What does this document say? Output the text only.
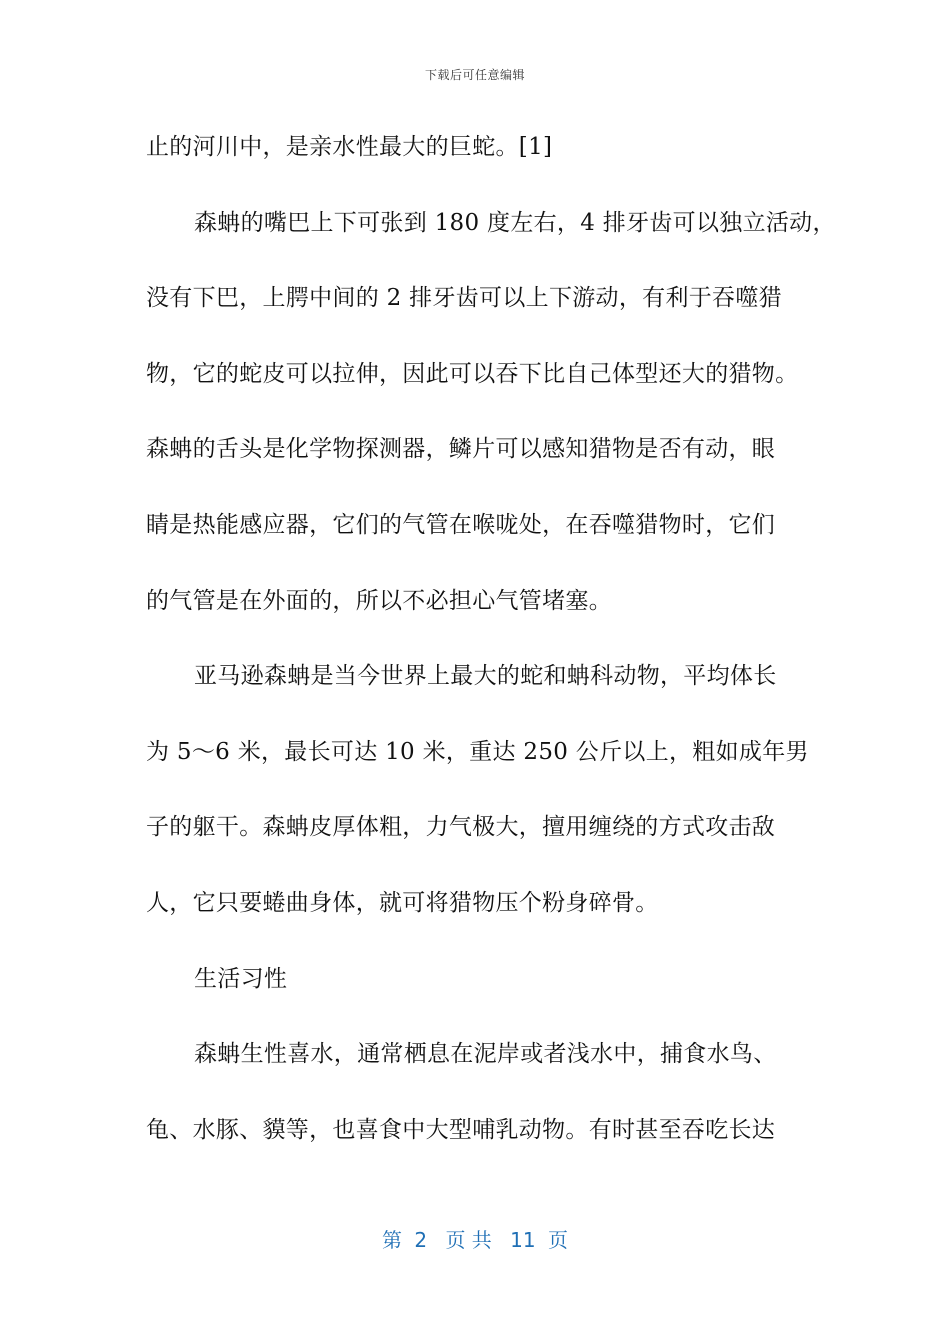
下载后可任意编辑
止的河川中，是亲水性最大的巨蛇。[1]
森蚺的嘴巴上下可张到 180 度左右，4 排牙齿可以独立活动，
没有下巴，上腭中间的 2 排牙齿可以上下游动，有利于吞噬猎
物，它的蛇皮可以拉伸，因此可以吞下比自己体型还大的猎物。
森蚺的舌头是化学物探测器，鳞片可以感知猎物是否有动，眼
睛是热能感应器，它们的气管在喉咙处，在吞噬猎物时，它们
的气管是在外面的，所以不必担心气管堵塞。
亚马逊森蚺是当今世界上最大的蛇和蚺科动物，平均体长
为 5～6 米，最长可达 10 米，重达 250 公斤以上，粗如成年男
子的躯干。森蚺皮厚体粗，力气极大，擅用缠绕的方式攻击敌
人，它只要蜷曲身体，就可将猎物压个粉身碎骨。
生活习性
森蚺生性喜水，通常栖息在泥岸或者浅水中，捕食水鸟、
龟、水豚、貘等，也喜食中大型哺乳动物。有时甚至吞吃长达
第 2 页 共 11 页
